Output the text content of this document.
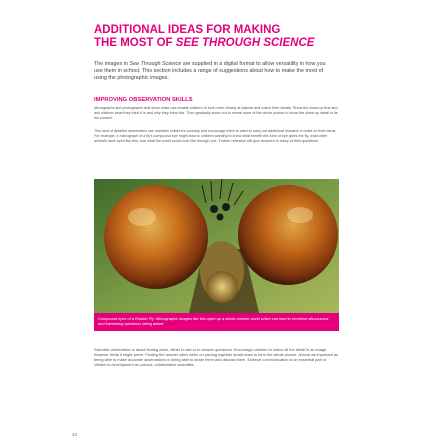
ADDITIONAL IDEAS FOR MAKING
THE MOST OF SEE THROUGH SCIENCE

The images in See Through Science are supplied in a digital format to allow versatility in how you use them in school. This section includes a range of suggestions about how to make the most of using the photographic images.

IMPROVING OBSERVATION SKILLS

Micrographs and photographs that show close-ups enable children to look more closely at objects and notice finer details. Show the close-up first and ask children what they think it is and why they think this. Then gradually zoom out to reveal more of the whole picture to show the close-up detail in its full context.

This kind of detailed observation can maintain children's curiosity and encourage them to want to carry out additional research to build on their ideas. For example, a micrograph of a fly's compound eye might lead to children wanting to know what benefit this kind of eye gives the fly, what other animals have eyes like this, and what the world would look like through one. Further research will give answers to many of their questions.

Compound eyes of a Robber Fly. Micrographic images like this open up a whole unseen world which can lead to excellent discussions and interesting questions being asked.

Scientific observation is about finding clues, either to ask or to answer questions. Encourage children to notice all the detail in an image, however trivial it might seem. Finding the answer often relies on piecing together small clues to form the whole picture. Almost as important as being able to make accurate observations is being able to share them and discuss them. Science communication is an essential part of children's development as curious, collaborative scientists.

24
